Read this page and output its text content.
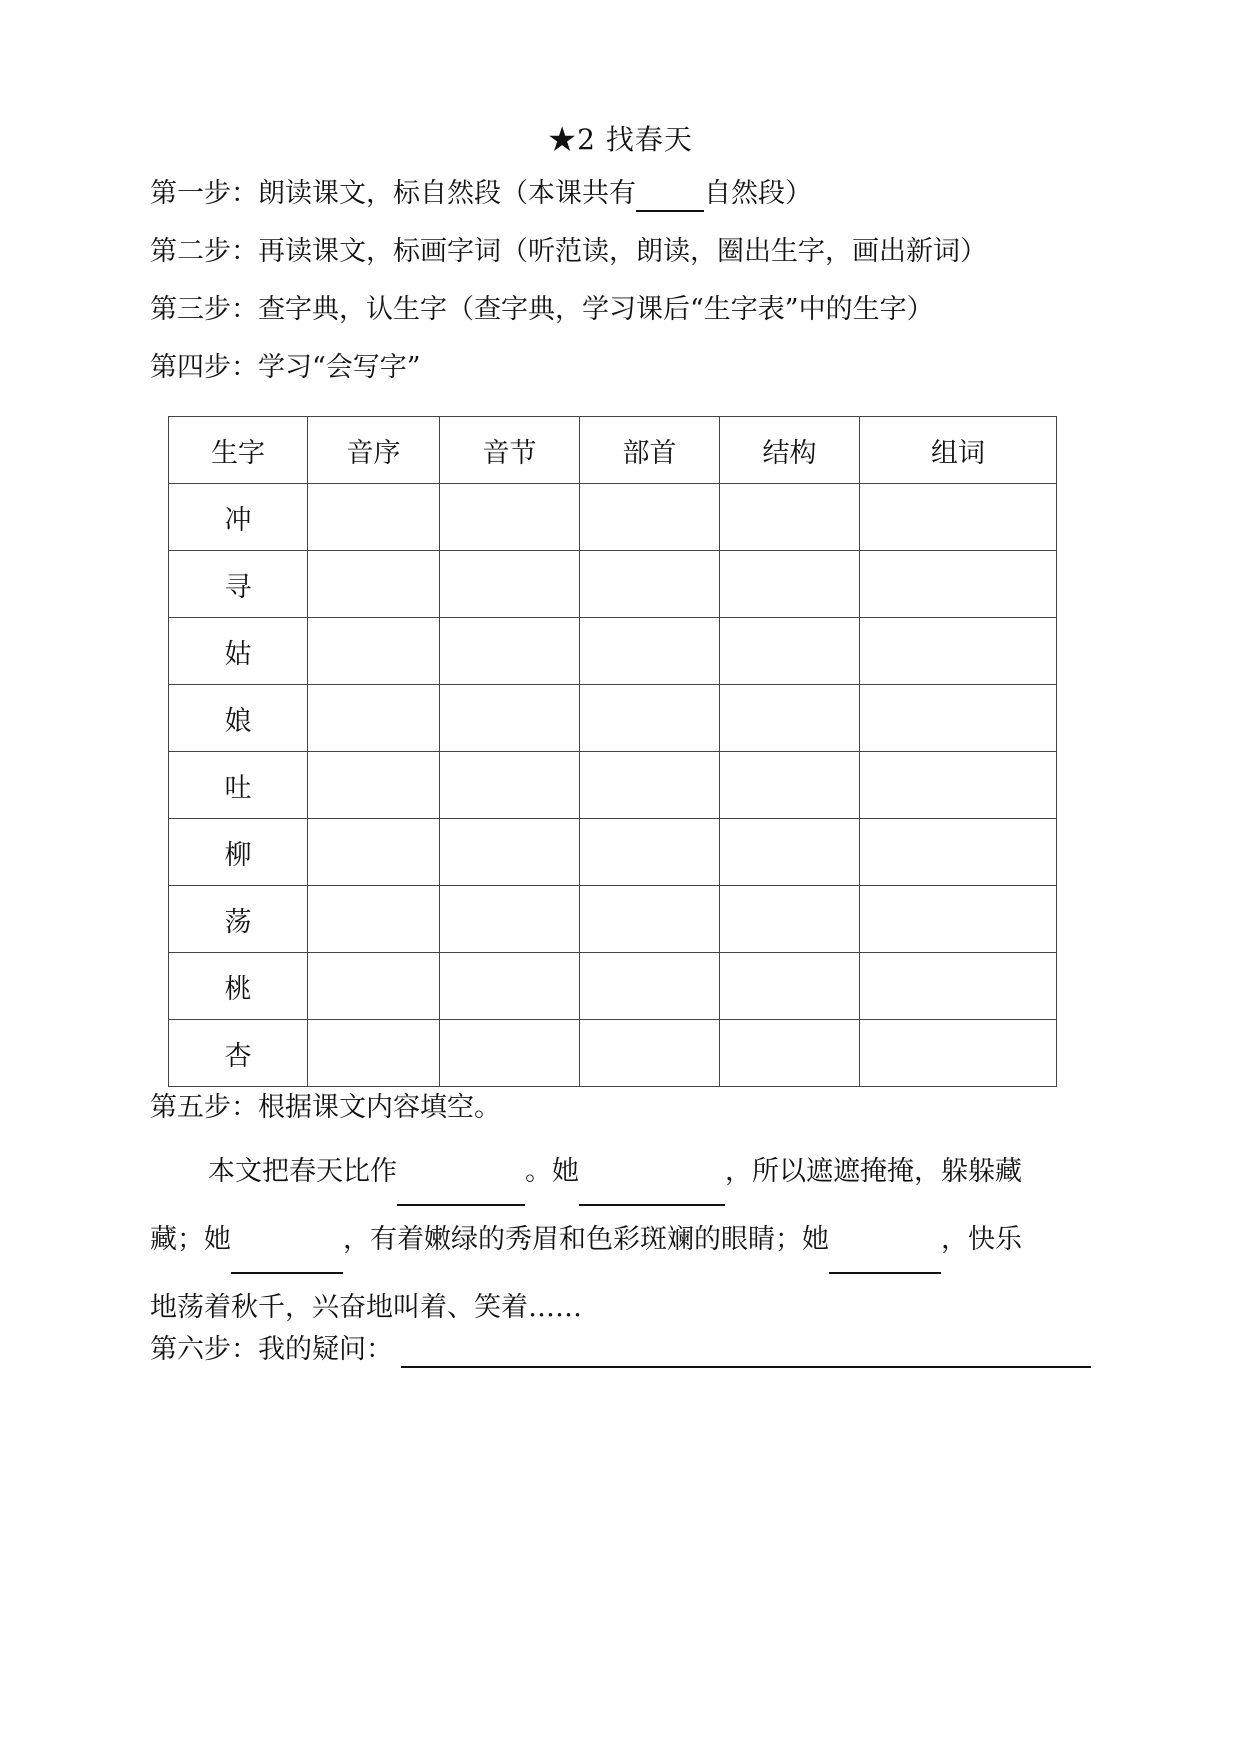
★2 找春天
第一步：朗读课文，标自然段（本课共有	自然段）
第二步：再读课文，标画字词（听范读，朗读，圈出生字，画出新词）
第三步：查字典，认生字（查字典，学习课后“生字表”中的生字）
第四步：学习“会写字”
生字	音序	音节	部首	结构	组词
冲					
寻					
姑					
娘					
吐					
柳					
荡					
桃					
杏					
第五步：根据课文内容填空。
本文把春天比作	。她	，所以遮遮掩掩，躲躲藏
藏；她	，有着嫩绿的秀眉和色彩斑斓的眼睛；她	，快乐
地荡着秋千，兴奋地叫着、笑着……
第六步：我的疑问：
